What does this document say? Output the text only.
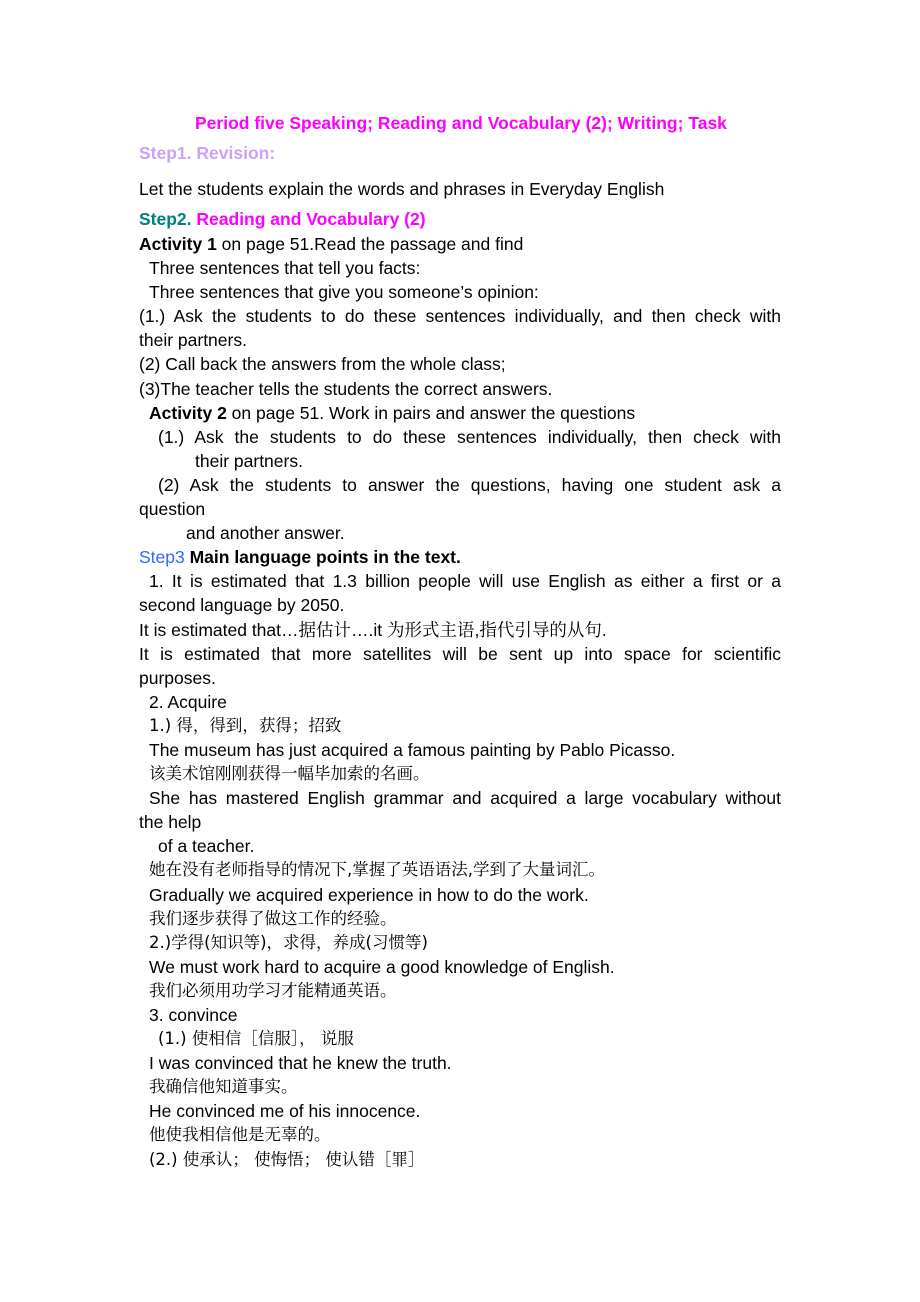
Period five Speaking; Reading and Vocabulary (2); Writing; Task
Step1. Revision:
Let the students explain the words and phrases in Everyday English
Step2. Reading and Vocabulary (2)
Activity 1 on page 51.Read the passage and find
Three sentences that tell you facts:
Three sentences that give you someone’s opinion:
(1.) Ask the students to do these sentences individually, and then check with
their partners.
(2) Call back the answers from the whole class;
(3)The teacher tells the students the correct answers.
Activity 2 on page 51. Work in pairs and answer the questions
(1.) Ask the students to do these sentences individually, then check with
their partners.
(2) Ask the students to answer the questions, having one student ask a
question
and another answer.
Step3 Main language points in the text.
1. It is estimated that 1.3 billion people will use English as either a first or a
second language by 2050.
It is estimated that…据估计….it 为形式主语,指代引导的从句.
It is estimated that more satellites will be sent up into space for scientific
purposes.
2. Acquire
1.) 得，得到，获得；招致
The museum has just acquired a famous painting by Pablo Picasso.
该美术馆刚刚获得一幅毕加索的名画。
She has mastered English grammar and acquired a large vocabulary without
the help
of a teacher.
她在没有老师指导的情况下,掌握了英语语法,学到了大量词汇。
Gradually we acquired experience in how to do the work.
我们逐步获得了做这工作的经验。
2.)学得(知识等)，求得，养成(习惯等)
We must work hard to acquire a good knowledge of English.
我们必须用功学习才能精通英语。
3. convince
(1.) 使相信［信服］， 说服
I was convinced that he knew the truth.
我确信他知道事实。
He convinced me of his innocence.
他使我相信他是无辜的。
(2.) 使承认； 使悔悟； 使认错［罪］
